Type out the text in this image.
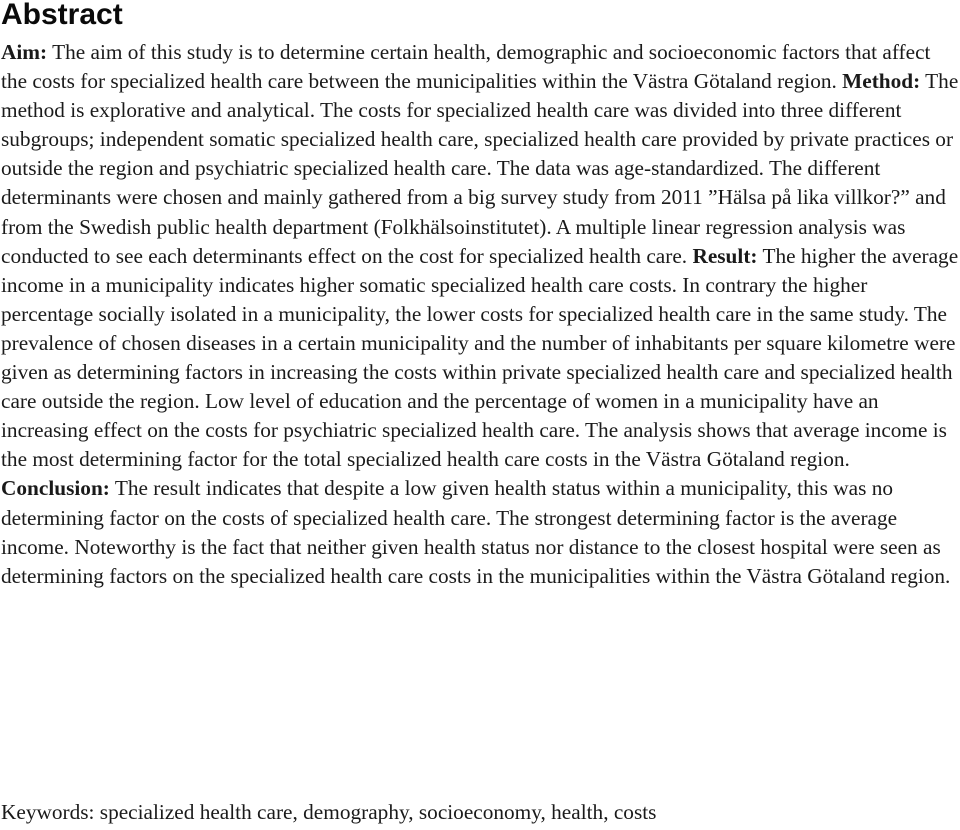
Abstract

Aim: The aim of this study is to determine certain health, demographic and socioeconomic factors that affect the costs for specialized health care between the municipalities within the Västra Götaland region. Method: The method is explorative and analytical. The costs for specialized health care was divided into three different subgroups; independent somatic specialized health care, specialized health care provided by private practices or outside the region and psychiatric specialized health care. The data was age-standardized. The different determinants were chosen and mainly gathered from a big survey study from 2011 ”Hälsa på lika villkor?” and from the Swedish public health department (Folkhälsoinstitutet). A multiple linear regression analysis was conducted to see each determinants effect on the cost for specialized health care. Result: The higher the average income in a municipality indicates higher somatic specialized health care costs. In contrary the higher percentage socially isolated in a municipality, the lower costs for specialized health care in the same study. The prevalence of chosen diseases in a certain municipality and the number of inhabitants per square kilometre were given as determining factors in increasing the costs within private specialized health care and specialized health care outside the region. Low level of education and the percentage of women in a municipality have an increasing effect on the costs for psychiatric specialized health care. The analysis shows that average income is the most determining factor for the total specialized health care costs in the Västra Götaland region. Conclusion: The result indicates that despite a low given health status within a municipality, this was no determining factor on the costs of specialized health care. The strongest determining factor is the average income. Noteworthy is the fact that neither given health status nor distance to the closest hospital were seen as determining factors on the specialized health care costs in the municipalities within the Västra Götaland region.

Keywords: specialized health care, demography, socioeconomy, health, costs
